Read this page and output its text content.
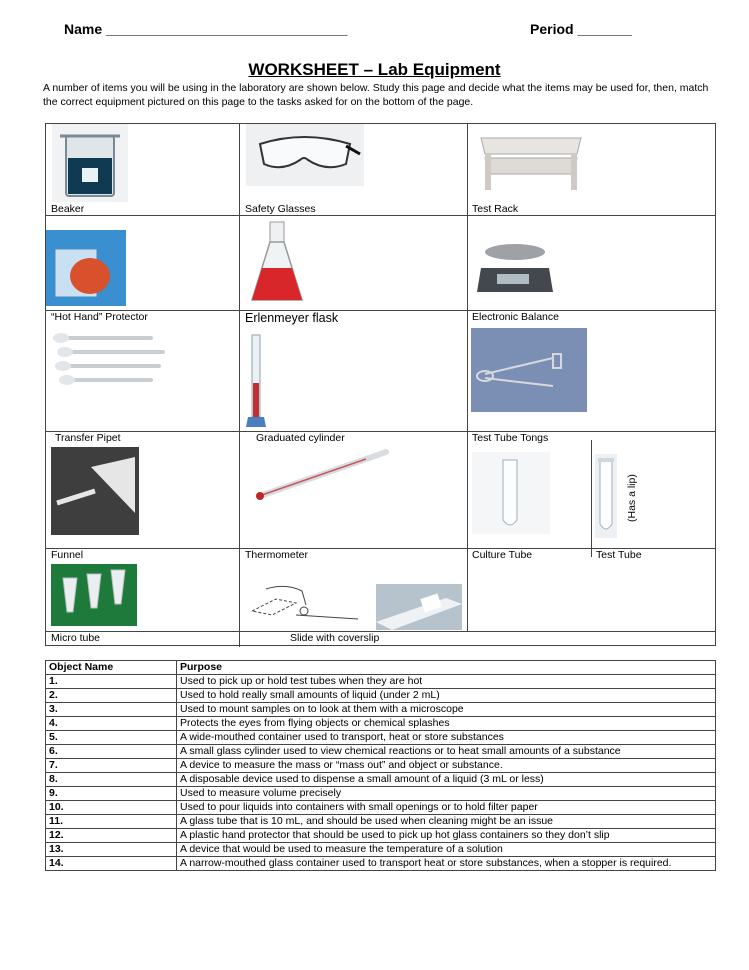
Name _______________________________	Period _______
WORKSHEET – Lab Equipment
A number of items you will be using in the laboratory are shown below. Study this page and decide what the items may be used for, then, match the correct equipment pictured on this page to the tasks asked for on the bottom of the page.
Beaker	Safety Glasses	Test Rack
“Hot Hand” Protector	Erlenmeyer flask	Electronic Balance
Transfer Pipet	Graduated cylinder	Test Tube Tongs
(Has a lip)
Funnel	Thermometer	Culture Tube	Test Tube
Micro tube	Slide with coverslip
Object Name	Purpose
1.	Used to pick up or hold test tubes when they are hot
2.	Used to hold really small amounts of liquid (under 2 mL)
3.	Used to mount samples on to look at them with a microscope
4.	Protects the eyes from flying objects or chemical splashes
5.	A wide-mouthed container used to transport, heat or store substances
6.	A small glass cylinder used to view chemical reactions or to heat small amounts of a substance
7.	A device to measure the mass or “mass out” and object or substance.
8.	A disposable device used to dispense a small amount of a liquid (3 mL or less)
9.	Used to measure volume precisely
10.	Used to pour liquids into containers with small openings or to hold filter paper
11.	A glass tube that is 10 mL, and should be used when cleaning might be an issue
12.	A plastic hand protector that should be used to pick up hot glass containers so they don’t slip
13.	A device that would be used to measure the temperature of a solution
14.	A narrow-mouthed glass container used to transport heat or store substances, when a stopper is required.
